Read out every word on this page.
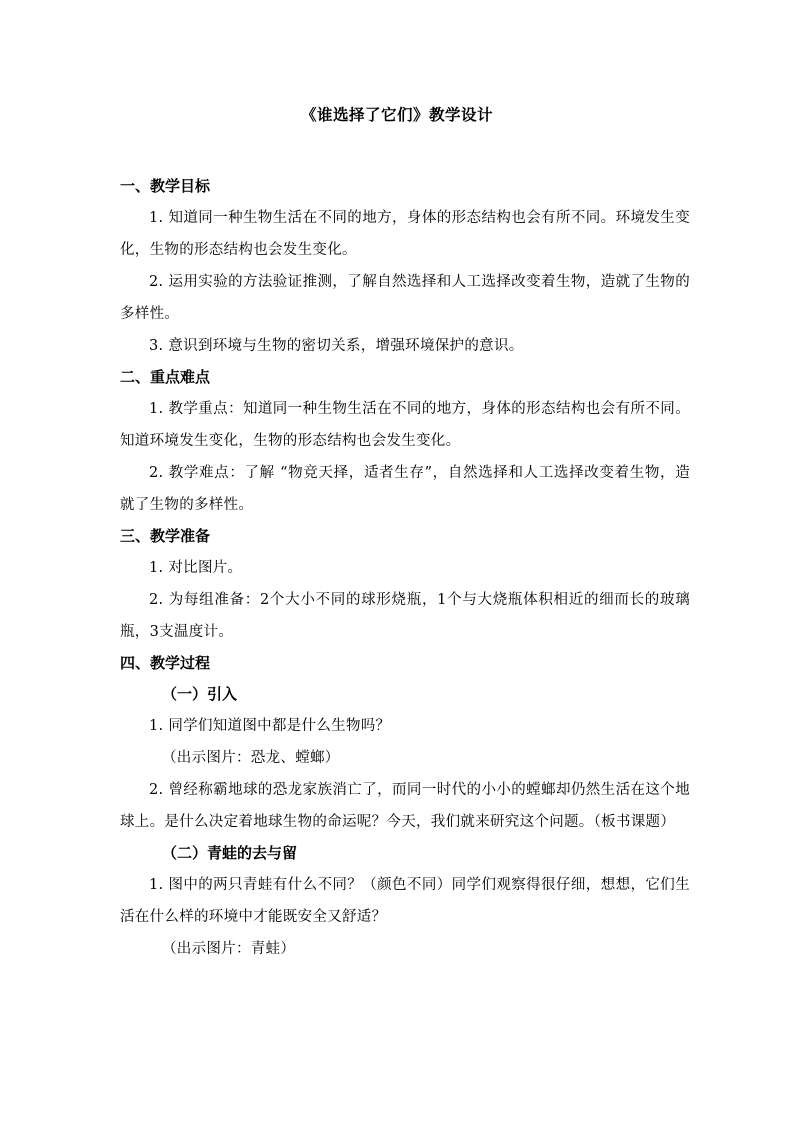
《谁选择了它们》教学设计
一、教学目标
1. 知道同一种生物生活在不同的地方，身体的形态结构也会有所不同。环境发生变化，生物的形态结构也会发生变化。
2. 运用实验的方法验证推测，了解自然选择和人工选择改变着生物，造就了生物的多样性。
3. 意识到环境与生物的密切关系，增强环境保护的意识。
二、重点难点
1. 教学重点：知道同一种生物生活在不同的地方，身体的形态结构也会有所不同。知道环境发生变化，生物的形态结构也会发生变化。
2. 教学难点：了解 “物竞天择，适者生存”，自然选择和人工选择改变着生物，造就了生物的多样性。
三、教学准备
1. 对比图片。
2. 为每组准备：2个大小不同的球形烧瓶，1个与大烧瓶体积相近的细而长的玻璃瓶，3支温度计。
四、教学过程
（一）引入
1. 同学们知道图中都是什么生物吗？
（出示图片：恐龙、螳螂）
2. 曾经称霸地球的恐龙家族消亡了，而同一时代的小小的螳螂却仍然生活在这个地球上。是什么决定着地球生物的命运呢？今天，我们就来研究这个问题。（板书课题）
（二）青蛙的去与留
1. 图中的两只青蛙有什么不同？（颜色不同）同学们观察得很仔细，想想，它们生活在什么样的环境中才能既安全又舒适？
（出示图片：青蛙）
